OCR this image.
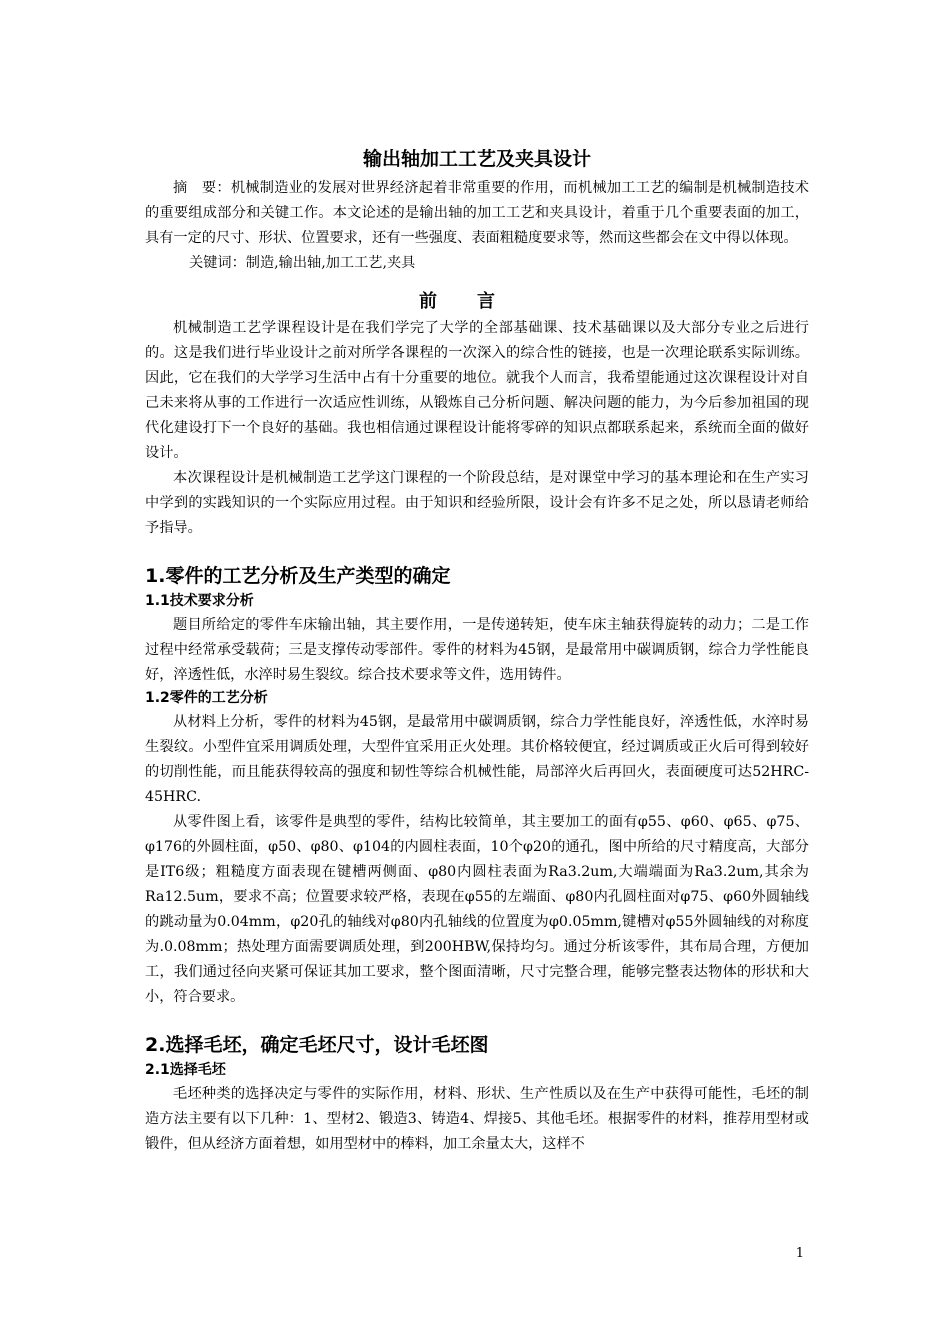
输出轴加工工艺及夹具设计

摘　要：机械制造业的发展对世界经济起着非常重要的作用，而机械加工工艺的编制是机械制造技术的重要组成部分和关键工作。本文论述的是输出轴的加工工艺和夹具设计，着重于几个重要表面的加工，具有一定的尺寸、形状、位置要求，还有一些强度、表面粗糙度要求等，然而这些都会在文中得以体现。

关键词：制造,输出轴,加工工艺,夹具

前言

机械制造工艺学课程设计是在我们学完了大学的全部基础课、技术基础课以及大部分专业之后进行的。这是我们进行毕业设计之前对所学各课程的一次深入的综合性的链接，也是一次理论联系实际训练。因此，它在我们的大学学习生活中占有十分重要的地位。就我个人而言，我希望能通过这次课程设计对自己未来将从事的工作进行一次适应性训练，从锻炼自己分析问题、解决问题的能力，为今后参加祖国的现代化建设打下一个良好的基础。我也相信通过课程设计能将零碎的知识点都联系起来，系统而全面的做好设计。

本次课程设计是机械制造工艺学这门课程的一个阶段总结，是对课堂中学习的基本理论和在生产实习中学到的实践知识的一个实际应用过程。由于知识和经验所限，设计会有许多不足之处，所以恳请老师给予指导。

1.零件的工艺分析及生产类型的确定
1.1技术要求分析

题目所给定的零件车床输出轴，其主要作用，一是传递转矩，使车床主轴获得旋转的动力；二是工作过程中经常承受载荷；三是支撑传动零部件。零件的材料为45钢，是最常用中碳调质钢，综合力学性能良好，淬透性低，水淬时易生裂纹。综合技术要求等文件，选用铸件。

1.2零件的工艺分析

从材料上分析，零件的材料为45钢，是最常用中碳调质钢，综合力学性能良好，淬透性低，水淬时易生裂纹。小型件宜采用调质处理，大型件宜采用正火处理。其价格较便宜，经过调质或正火后可得到较好的切削性能，而且能获得较高的强度和韧性等综合机械性能，局部淬火后再回火，表面硬度可达52HRC-45HRC.

从零件图上看，该零件是典型的零件，结构比较简单，其主要加工的面有φ55、φ60、φ65、φ75、φ176的外圆柱面，φ50、φ80、φ104的内圆柱表面，10个φ20的通孔，图中所给的尺寸精度高，大部分是IT6级；粗糙度方面表现在键槽两侧面、φ80内圆柱表面为Ra3.2um,大端端面为Ra3.2um,其余为Ra12.5um，要求不高；位置要求较严格，表现在φ55的左端面、φ80内孔圆柱面对φ75、φ60外圆轴线的跳动量为0.04mm，φ20孔的轴线对φ80内孔轴线的位置度为φ0.05mm,键槽对φ55外圆轴线的对称度为.0.08mm；热处理方面需要调质处理，到200HBW,保持均匀。通过分析该零件，其布局合理，方便加工，我们通过径向夹紧可保证其加工要求，整个图面清晰，尺寸完整合理，能够完整表达物体的形状和大小，符合要求。

2.选择毛坯，确定毛坯尺寸，设计毛坯图
2.1选择毛坯

毛坯种类的选择决定与零件的实际作用，材料、形状、生产性质以及在生产中获得可能性，毛坯的制造方法主要有以下几种：1、型材2、锻造3、铸造4、焊接5、其他毛坯。根据零件的材料，推荐用型材或锻件，但从经济方面着想，如用型材中的棒料，加工余量太大，这样不

1
